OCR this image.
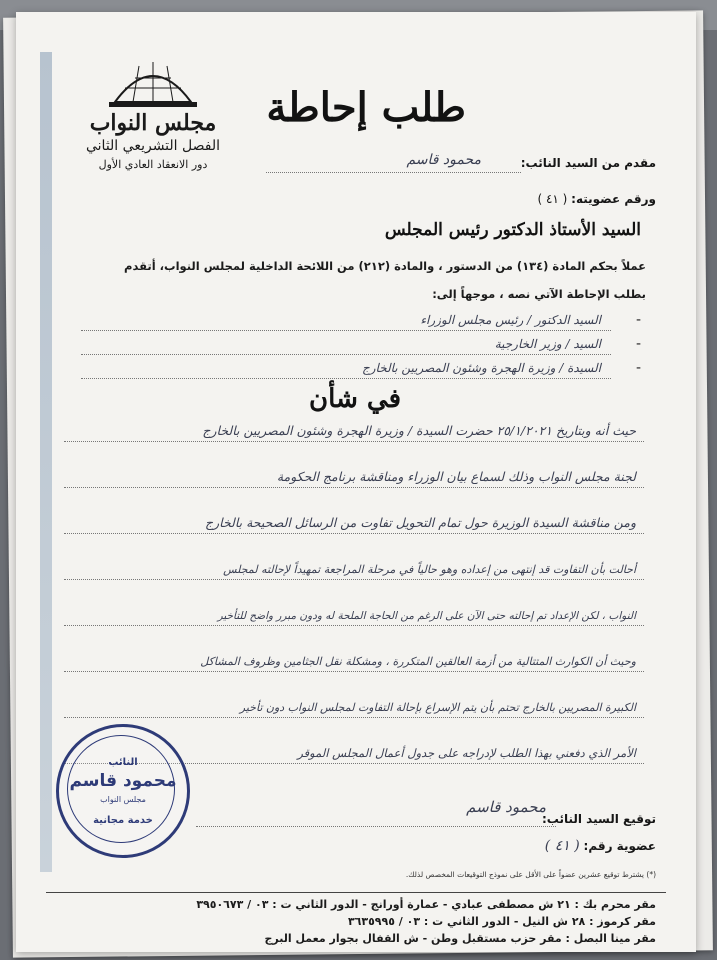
مجلس النواب
الفصل التشريعي الثاني
دور الانعقاد العادي الأول
طلب إحاطة
مقدم من السيد النائب:
محمود قاسم
ورقم عضويته: ( ٤١ )
السيد الأستاذ الدكتور رئيس المجلس
عملاً بحكم المادة (١٣٤) من الدستور ، والمادة (٢١٢) من اللائحة الداخلية لمجلس النواب، أتقدم
بطلب الإحاطة الآتي نصه ، موجهاً إلى:
-
السيد الدكتور / رئيس مجلس الوزراء
-
السيد / وزير الخارجية
-
السيدة / وزيرة الهجرة وشئون المصريين بالخارج
في شأن
حيث أنه وبتاريخ ٢٥/١/٢٠٢١ حضرت السيدة / وزيرة الهجرة وشئون المصريين بالخارج
لجنة مجلس النواب وذلك لسماع بيان الوزراء ومناقشة برنامج الحكومة
ومن مناقشة السيدة الوزيرة حول تمام التحويل تفاوت من الرسائل الصحيحة بالخارج
أحالت بأن التفاوت قد إنتهى من إعداده وهو حالياً في مرحلة المراجعة تمهيداً لإحالته لمجلس
النواب ، لكن الإعداد تم إحالته حتى الآن على الرغم من الحاجة الملحة له ودون مبرر واضح للتأخير
وحيث أن الكوارث المتتالية من أزمة العالقين المتكررة ، ومشكلة نقل الجثامين وظروف المشاكل
الكبيرة المصريين بالخارج تحتم بأن يتم الإسراع بإحالة التفاوت لمجلس النواب دون تأخير
الأمر الذي دفعني بهذا الطلب لإدراجه على جدول أعمال المجلس الموقر
توقيع السيد النائب:
محمود قاسم
عضوية رقم: ( ٤١ )
النائب
محمود قاسم
مجلس النواب
خدمة مجانية
(*) يشترط توقيع عشرين عضواً على الأقل على نموذج التوقيعات المخصص لذلك.
مقر محرم بك : ٢١ ش مصطفى عبادي - عمارة أورانج - الدور الثاني ت : ٠٣ / ٣٩٥٠٦٧٣
مقر كرموز : ٢٨ ش النيل - الدور الثاني ت : ٠٣ / ٣٦٣٥٩٩٥
مقر مينا البصل : مقر حزب مستقبل وطن - ش القفال بجوار معمل البرج
